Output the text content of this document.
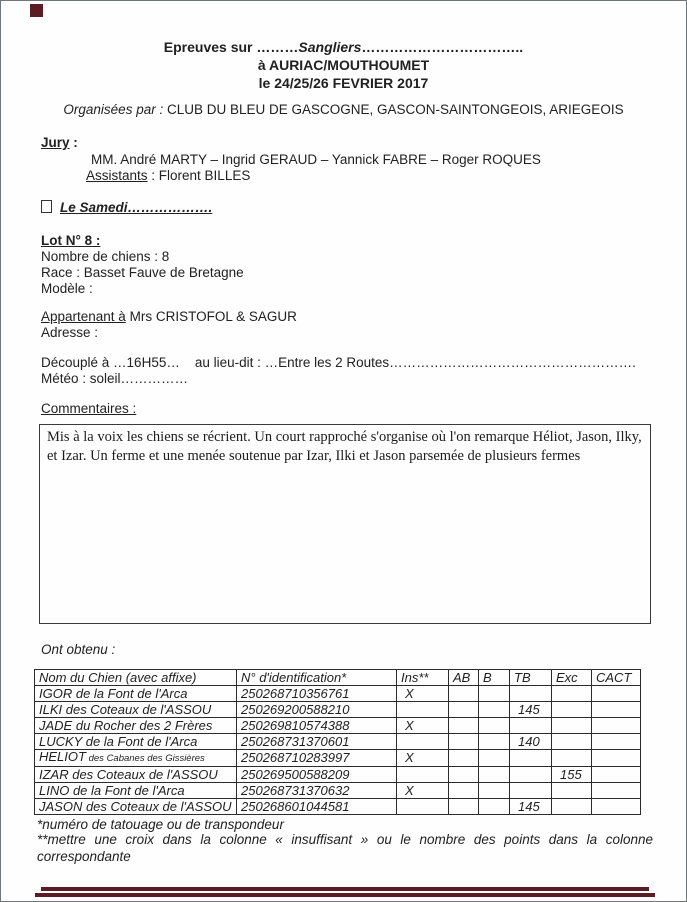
Epreuves sur ………Sangliers……………………………..
à AURIAC/MOUTHOUMET
le 24/25/26 FEVRIER 2017
Organisées par : CLUB DU BLEU DE GASCOGNE, GASCON-SAINTONGEOIS, ARIEGEOIS
Jury :
MM. André MARTY – Ingrid GERAUD – Yannick FABRE – Roger ROQUES
Assistants : Florent BILLES
Le Samedi……………….
Lot N° 8 :
Nombre de chiens : 8
Race : Basset Fauve de Bretagne
Modèle :
Appartenant à Mrs CRISTOFOL & SAGUR
Adresse :
Découplé à …16H55…    au lieu-dit : …Entre les 2 Routes……………………………………………….
Météo : soleil……………
Commentaires :
Mis à la voix les chiens se récrient. Un court rapproché s'organise où l'on remarque Héliot, Jason, Ilky, et Izar. Un ferme et une menée soutenue par Izar, Ilki et Jason parsemée de plusieurs fermes
Ont obtenu :
Nom du Chien (avec affixe)	N° d'identification*	Ins**	AB	B	TB	Exc	CACT
IGOR de la Font de l'Arca	250268710356761	X					
ILKI des Coteaux de l'ASSOU	250269200588210				145		
JADE du Rocher des 2 Frères	250269810574388	X					
LUCKY de la Font de l'Arca	250268731370601				140		
HELIOT des Cabanes des Gissières	250268710283997	X					
IZAR des Coteaux de l'ASSOU	250269500588209					155	
LINO de la Font de l'Arca	250268731370632	X					
JASON des Coteaux de l'ASSOU	250268601044581				145		
*numéro de tatouage ou de transpondeur
**mettre une croix dans la colonne « insuffisant » ou le nombre des points dans la colonne correspondante
